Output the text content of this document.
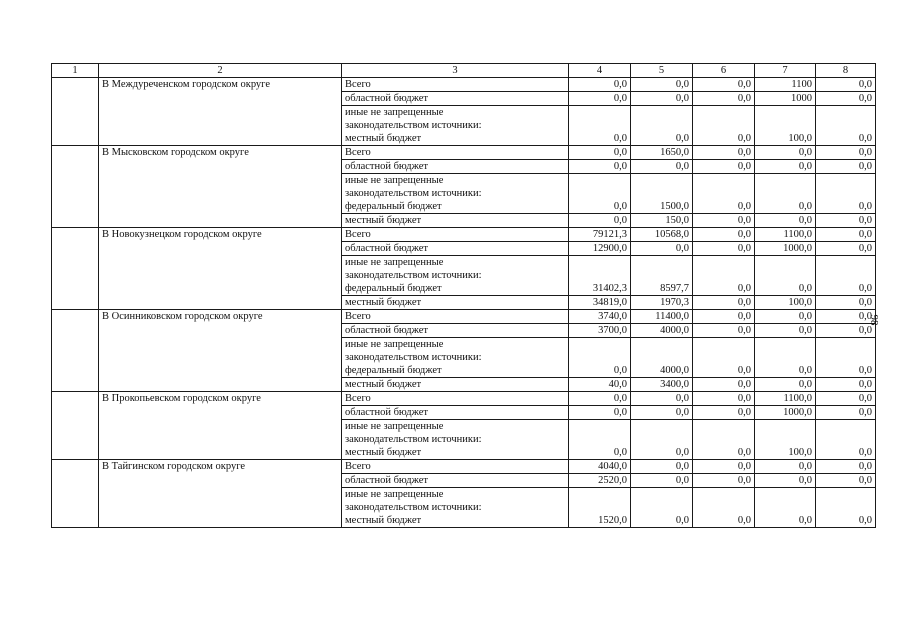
1	2	3	4	5	6	7	8
	В Междуреченском городском округе	Всего	0,0	0,0	0,0	1100	0,0
		областной бюджет	0,0	0,0	0,0	1000	0,0
		иные не запрещенные					
		законодательством источники:					
		местный бюджет	0,0	0,0	0,0	100,0	0,0
	В Мысковском городском округе	Всего	0,0	1650,0	0,0	0,0	0,0
		областной бюджет	0,0	0,0	0,0	0,0	0,0
		иные не запрещенные					
		законодательством источники:					
		федеральный бюджет	0,0	1500,0	0,0	0,0	0,0
		местный бюджет	0,0	150,0	0,0	0,0	0,0
	В Новокузнецком городском округе	Всего	79121,3	10568,0	0,0	1100,0	0,0
		областной бюджет	12900,0	0,0	0,0	1000,0	0,0
		иные не запрещенные					
		законодательством источники:					
		федеральный бюджет	31402,3	8597,7	0,0	0,0	0,0
		местный бюджет	34819,0	1970,3	0,0	100,0	0,0
	В Осинниковском городском округе	Всего	3740,0	11400,0	0,0	0,0	0,0
		областной бюджет	3700,0	4000,0	0,0	0,0	0,0
		иные не запрещенные					
		законодательством источники:					
		федеральный бюджет	0,0	4000,0	0,0	0,0	0,0
		местный бюджет	40,0	3400,0	0,0	0,0	0,0
	В Прокопьевском городском округе	Всего	0,0	0,0	0,0	1100,0	0,0
		областной бюджет	0,0	0,0	0,0	1000,0	0,0
		иные не запрещенные					
		законодательством источники:					
		местный бюджет	0,0	0,0	0,0	100,0	0,0
	В Тайгинском городском округе	Всего	4040,0	0,0	0,0	0,0	0,0
		областной бюджет	2520,0	0,0	0,0	0,0	0,0
		иные не запрещенные					
		законодательством источники:					
		местный бюджет	1520,0	0,0	0,0	0,0	0,0
98
